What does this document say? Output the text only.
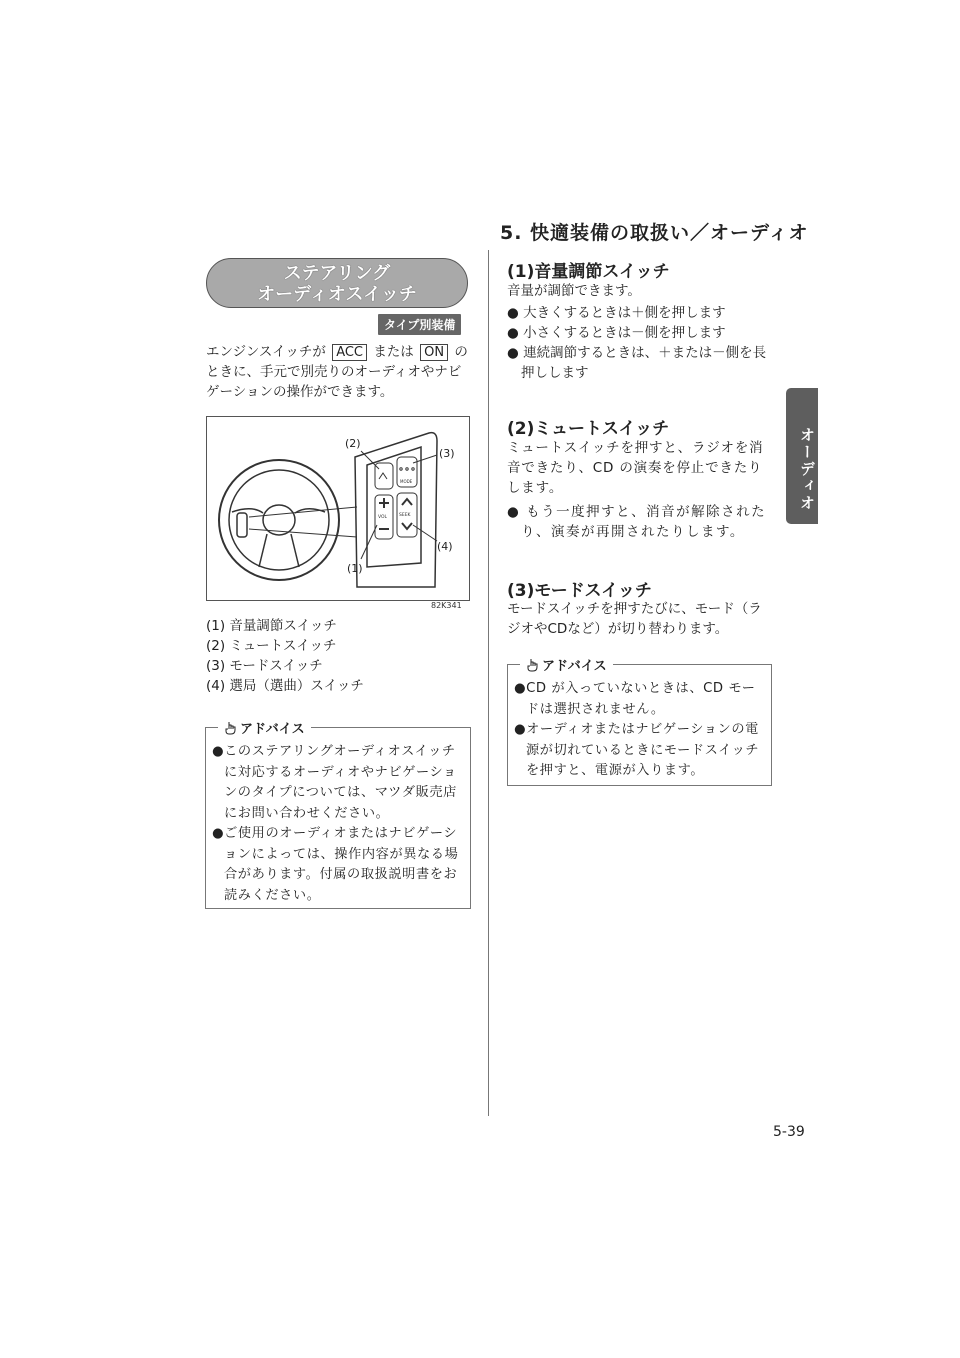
5. 快適装備の取扱い／オーディオ
オーディオ
ステアリング
オーディオスイッチ
タイプ別装備
エンジンスイッチが ACC または ON のときに、手元で別売りのオーディオやナビゲーションの操作ができます。
MODE
VOL	SEEK
(2)
(3)
(4)
(1)
82K341
(1) 音量調節スイッチ
(2) ミュートスイッチ
(3) モードスイッチ
(4) 選局（選曲）スイッチ
アドバイス
●このステアリングオーディオスイッチに対応するオーディオやナビゲーションのタイプについては、マツダ販売店にお問い合わせください。
●ご使用のオーディオまたはナビゲーションによっては、操作内容が異なる場合があります。付属の取扱説明書をお読みください。
(1)音量調節スイッチ
音量が調節できます。
● 大きくするときは＋側を押します
● 小さくするときは－側を押します
● 連続調節するときは、＋または－側を長押しします
(2)ミュートスイッチ
ミュートスイッチを押すと、ラジオを消音できたり、CD の演奏を停止できたりします。
● もう一度押すと、消音が解除されたり、演奏が再開されたりします。
(3)モードスイッチ
モードスイッチを押すたびに、モード（ラジオやCDなど）が切り替わります。
アドバイス
●CD が入っていないときは、CD モードは選択されません。
●オーディオまたはナビゲーションの電源が切れているときにモードスイッチを押すと、電源が入ります。
5-39
